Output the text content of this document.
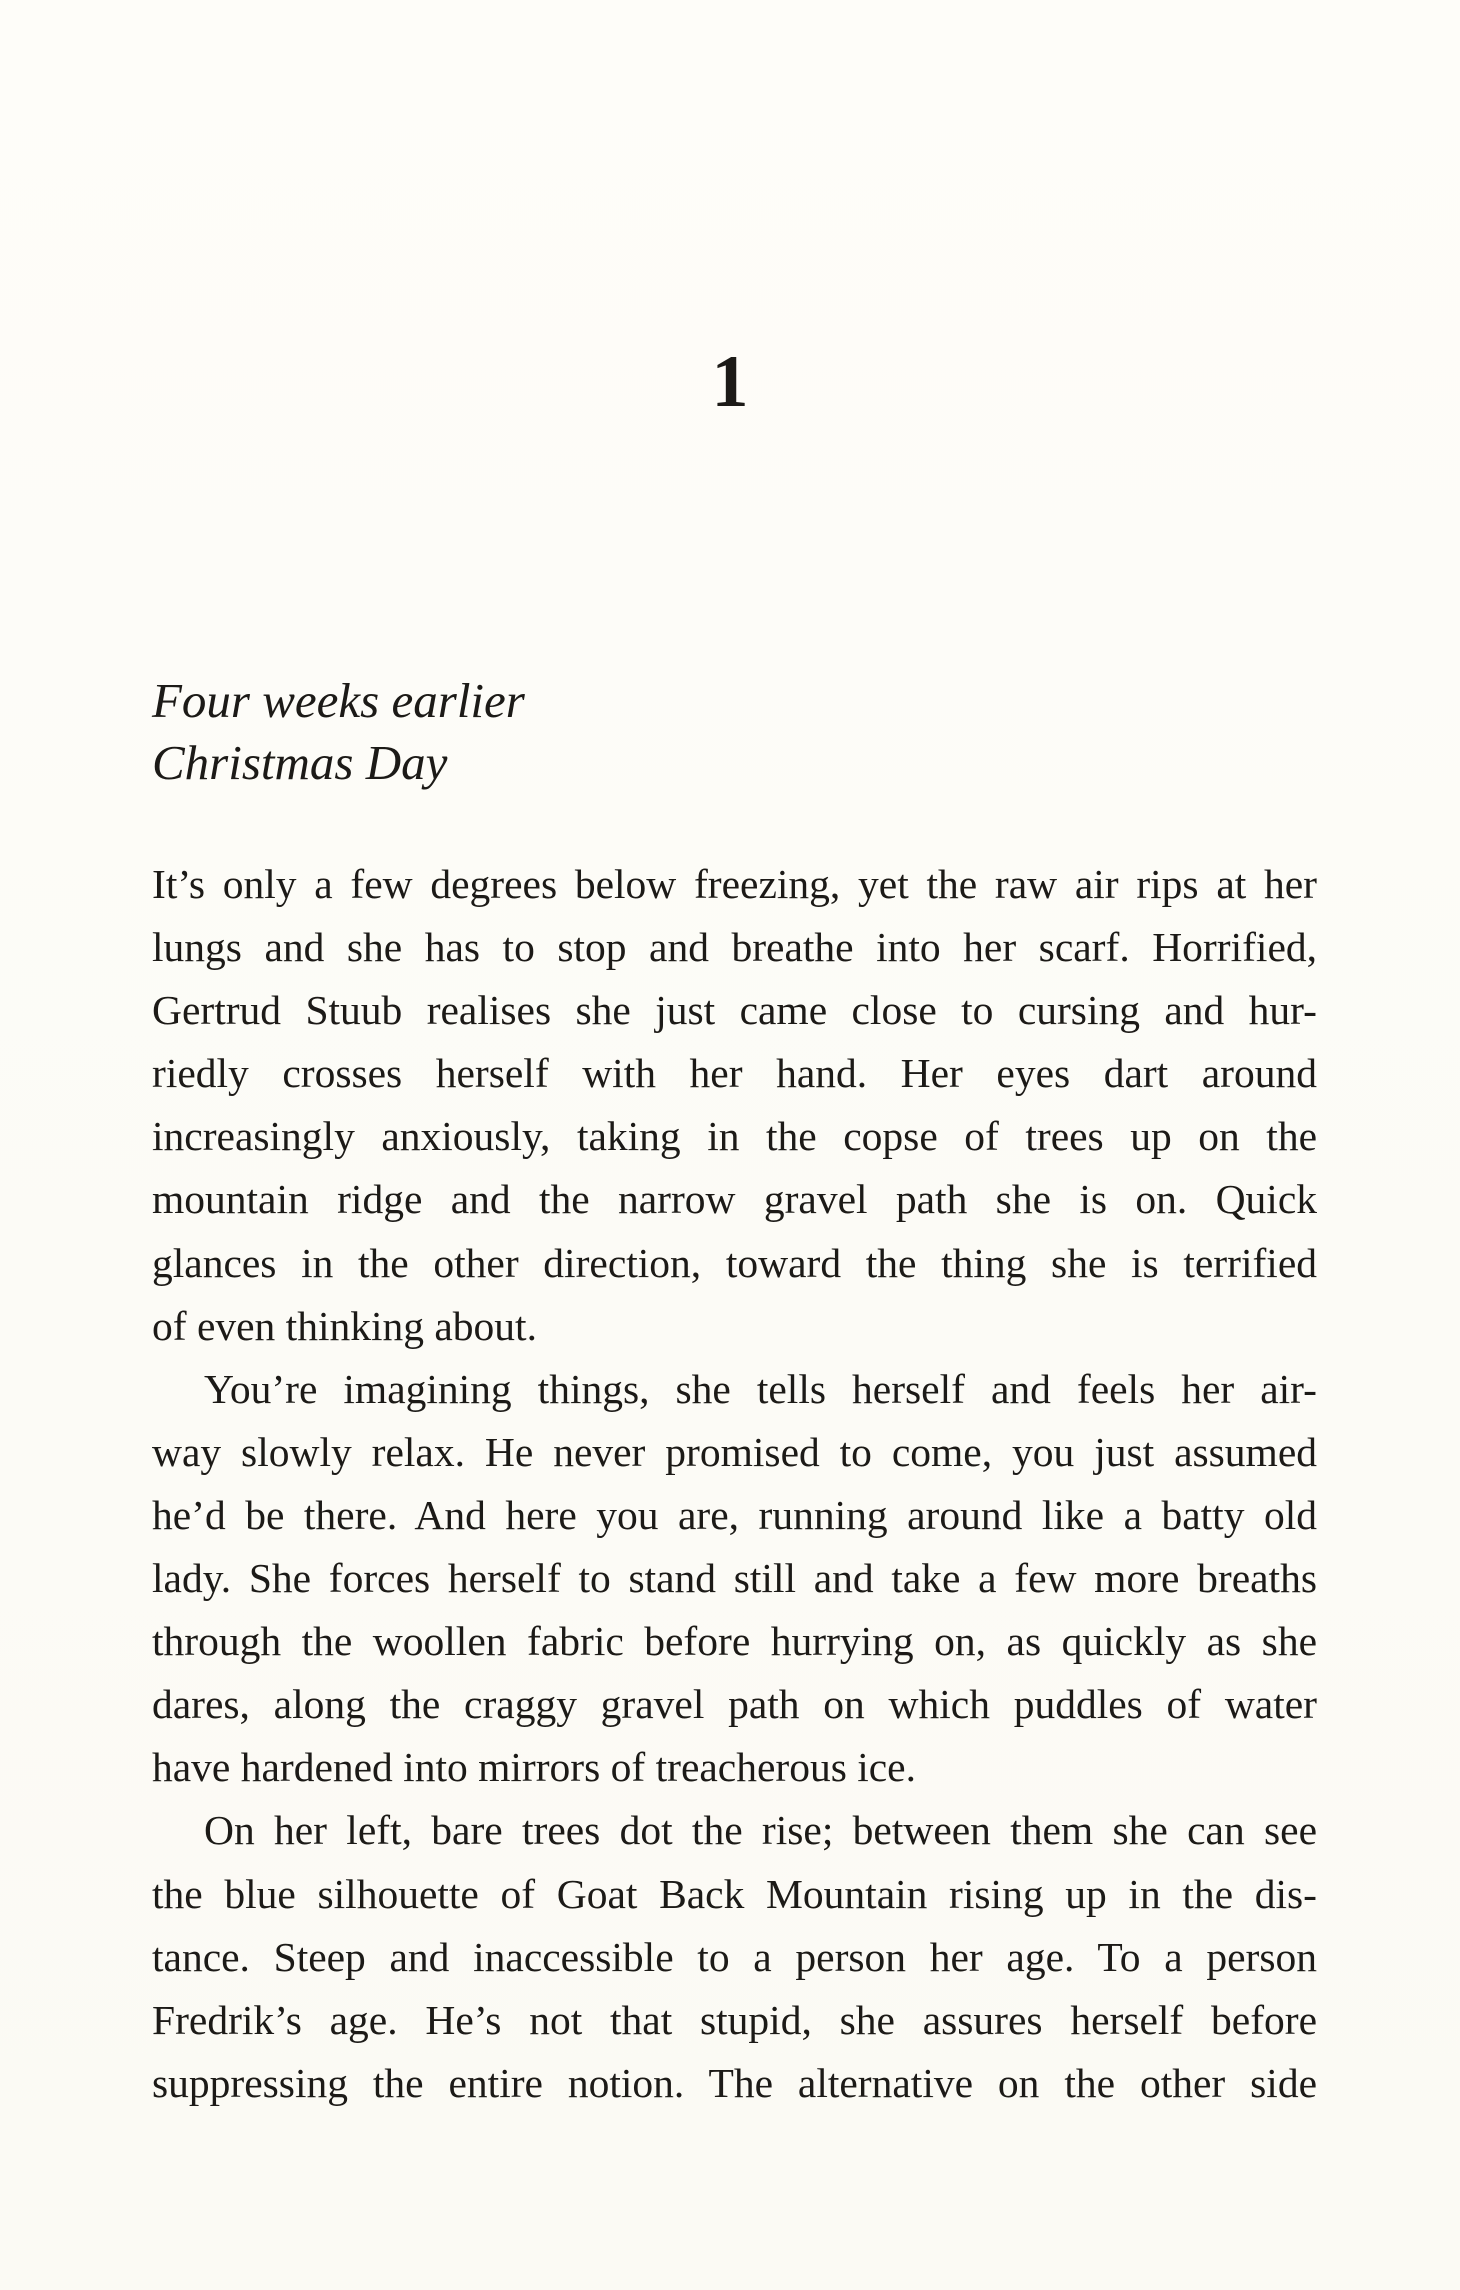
1
Four weeks earlier
Christmas Day
It’s only a few degrees below freezing, yet the raw air rips at her
lungs and she has to stop and breathe into her scarf. Horrified,
Gertrud Stuub realises she just came close to cursing and hur-
riedly crosses herself with her hand. Her eyes dart around
increasingly anxiously, taking in the copse of trees up on the
mountain ridge and the narrow gravel path she is on. Quick
glances in the other direction, toward the thing she is terrified
of even thinking about.
You’re imagining things, she tells herself and feels her air-
way slowly relax. He never promised to come, you just assumed
he’d be there. And here you are, running around like a batty old
lady. She forces herself to stand still and take a few more breaths
through the woollen fabric before hurrying on, as quickly as she
dares, along the craggy gravel path on which puddles of water
have hardened into mirrors of treacherous ice.
On her left, bare trees dot the rise; between them she can see
the blue silhouette of Goat Back Mountain rising up in the dis-
tance. Steep and inaccessible to a person her age. To a person
Fredrik’s age. He’s not that stupid, she assures herself before
suppressing the entire notion. The alternative on the other side
